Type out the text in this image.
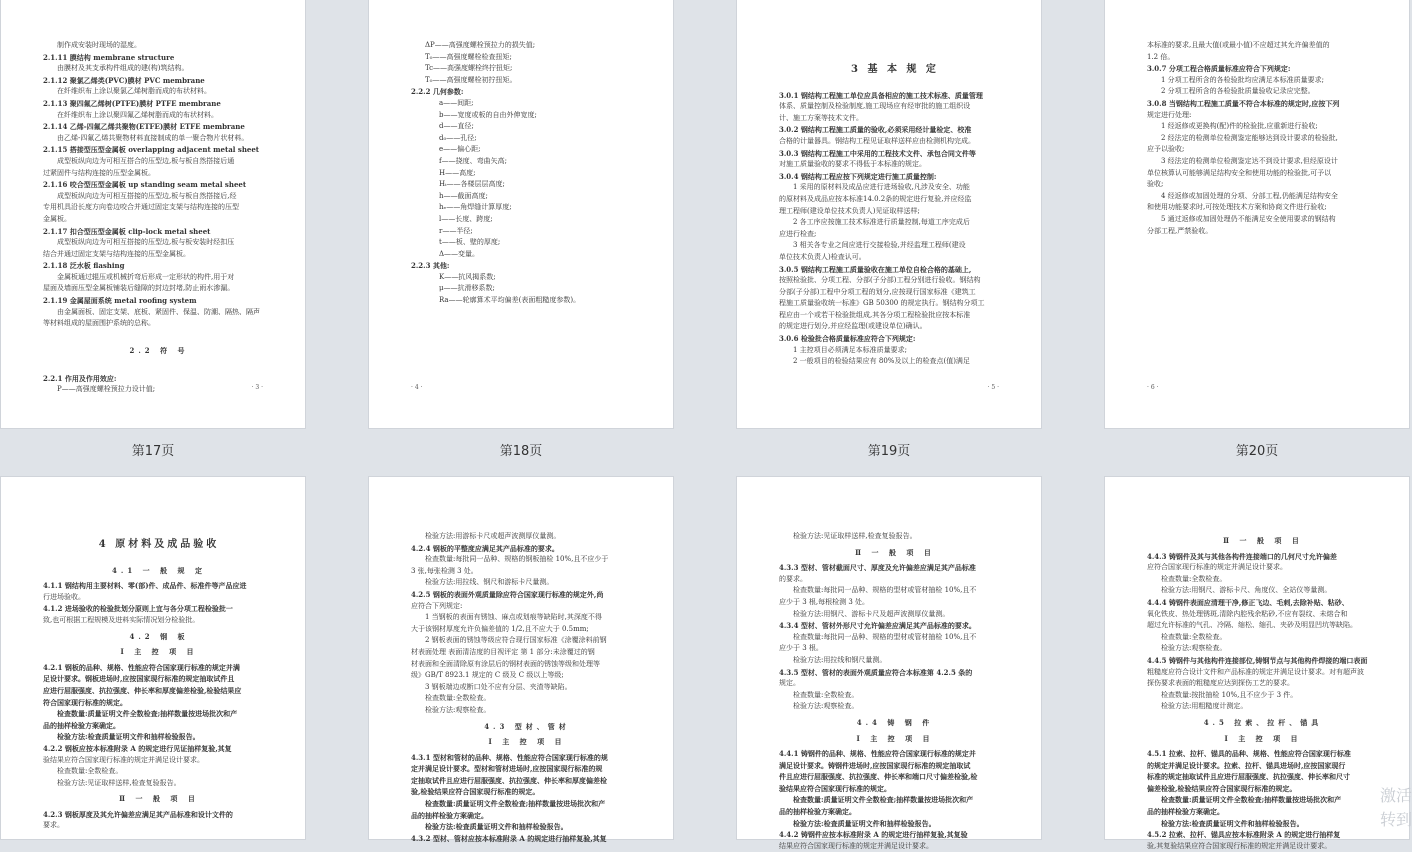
制作成安装时现场的湿度。
2.1.11 膜结构 membrane structure
由膜材及其支承构件组成的建(构)筑结构。
2.1.12 聚氯乙烯类(PVC)膜材 PVC membrane
在纤维织布上涂以聚氯乙烯树脂而成的布状材料。
2.1.13 聚四氟乙烯树(PTFE)膜材 PTFE membrane
在纤维织布上涂以聚四氟乙烯树脂而成的布状材料。
2.1.14 乙烯-四氟乙烯共聚物(ETFE)膜材 ETFE membrane
由乙烯-四氟乙烯共聚物材料直接制成的单一聚合物片状材料。
2.1.15 搭接型压型金属板 overlapping adjacent metal sheet
成型板纵向边为可相互搭合的压型边,板与板自然搭接后通
过紧固件与结构连接的压型金属板。
2.1.16 咬合型压型金属板 up standing seam metal sheet
成型板纵向边为可相互搭接的压型边,板与板自然搭接后,经
专用机具沿长度方向卷边咬合并通过固定支架与结构连接的压型
金属板。
2.1.17 扣合型压型金属板 clip-lock metal sheet
成型板纵向边为可相互搭接的压型边,板与板安装时经扣压
结合并通过固定支架与结构连接的压型金属板。
2.1.18 泛水板 flashing
金属板通过辊压或机械折弯后形成一定形状的构件,用于对
屋面及墙面压型金属板铺装后缝隙的封边封堵,防止雨水渗漏。
2.1.19 金属屋面系统 metal roofing system
由金属面板、固定支架、底板、紧固件、保温、防潮、隔热、隔声
等材料组成的屋面围护系统的总称。

2.2 符 号

2.2.1 作用及作用效应:
P——高强度螺栓预拉力设计值;	· 3 ·
ΔP——高强度螺栓预拉力的损失值;
T₀——高强度螺栓检查扭矩;
Tc——高强度螺栓终拧扭矩;
T₀——高强度螺栓初拧扭矩。
2.2.2 几何参数:
a——间距;
b——宽度或板的自由外伸宽度;
d——直径;
d₀——孔径;
e——偏心距;
f——挠度、弯曲矢高;
H——高度;
Hᵢ——各楼层层高度;
h——截面高度;
hₑ——角焊缝计算厚度;
l——长度、跨度;
r——半径;
t——板、壁的厚度;
Δ——变量。
2.2.3 其他:
K——抗风揭系数;
μ——抗滑移系数;
Ra——轮廓算术平均偏差(表面粗糙度参数)。
· 4 ·
3 基 本 规 定
3.0.1 钢结构工程施工单位应具备相应的施工技术标准、质量管理
体系、质量控制及检验制度,施工现场应有经审批的施工组织设
计、施工方案等技术文件。
3.0.2 钢结构工程施工质量的验收,必须采用经计量检定、校准
合格的计量器具。钢结构工程见证取样送样应由检测机构完成。
3.0.3 钢结构工程施工中采用的工程技术文件、承包合同文件等
对施工质量验收的要求不得低于本标准的规定。
3.0.4 钢结构工程应按下列规定进行施工质量控制:
1 采用的原材料及成品应进行进场验收,凡涉及安全、功能
的原材料及成品应按本标准14.0.2条的规定进行复验,并应经监
理工程师(建设单位技术负责人)见证取样送样;
2 各工序应按施工技术标准进行质量控制,每道工序完成后
应进行检查;
3 相关各专业之间应进行交接检验,并经监理工程师(建设
单位技术负责人)检查认可。
3.0.5 钢结构工程施工质量验收在施工单位自检合格的基础上,
按照检验批、分项工程、分部(子分部)工程分别进行验收。钢结构
分部(子分部)工程中分项工程的划分,应按现行国家标准《建筑工
程施工质量验收统一标准》GB 50300 的规定执行。钢结构分项工
程应由一个或若干检验批组成,其各分项工程检验批应按本标准
的规定进行划分,并应经监理(或建设单位)确认。
3.0.6 检验批合格质量标准应符合下列规定:
1 主控项目必须满足本标准质量要求;
2 一般项目的检验结果应有 80%及以上的检查点(值)满足
· 5 ·
本标准的要求,且最大值(或最小值)不应超过其允许偏差值的
1.2 倍。
3.0.7 分项工程合格质量标准应符合下列规定:
1 分项工程所含的各检验批均应满足本标准质量要求;
2 分项工程所含的各检验批质量验收记录应完整。
3.0.8 当钢结构工程施工质量不符合本标准的规定时,应按下列
规定进行处理:
1 经返修或更换构(配)件的检验批,应重新进行验收;
2 经法定的检测单位检测鉴定能够达到设计要求的检验批,
应予以验收;
3 经法定的检测单位检测鉴定达不到设计要求,但经原设计
单位核算认可能够满足结构安全和使用功能的检验批,可予以
验收;
4 经返修或加固处理的分项、分部工程,仍能满足结构安全
和使用功能要求时,可按处理技术方案和协商文件进行验收;
5 通过返修或加固处理仍不能满足安全使用要求的钢结构
分部工程,严禁验收。
· 6 ·
第17页	第18页	第19页	第20页
4 原材料及成品验收
4.1 一 般 规 定
4.1.1 钢结构用主要材料、零(部)件、成品件、标准件等产品应进
行进场验收。
4.1.2 进场验收的检验批划分原则上宜与各分项工程检验批一
致,也可根据工程规模及进料实际情况划分检验批。
4.2 钢 板
Ⅰ 主 控 项 目
4.2.1 钢板的品种、规格、性能应符合国家现行标准的规定并满
足设计要求。钢板进场时,应按国家现行标准的规定抽取试件且
应进行屈服强度、抗拉强度、伸长率和厚度偏差检验,检验结果应
符合国家现行标准的规定。
检查数量:质量证明文件全数检查;抽样数量按进场批次和产
品的抽样检验方案确定。
检验方法:检查质量证明文件和抽样检验报告。
4.2.2 钢板应按本标准附录 A 的规定进行见证抽样复验,其复
验结果应符合国家现行标准的规定并满足设计要求。
检查数量:全数检查。
检验方法:见证取样送样,检查复验报告。
Ⅱ 一 般 项 目
4.2.3 钢板厚度及其允许偏差应满足其产品标准和设计文件的
要求。
检验方法:用游标卡尺或超声波测厚仪量测。
4.2.4 钢板的平整度应满足其产品标准的要求。
检查数量:每批同一品种、规格的钢板抽检 10%,且不应少于
3 张,每张检测 3 处。
检验方法:用拉线、钢尺和游标卡尺量测。
4.2.5 钢板的表面外观质量除应符合国家现行标准的规定外,尚
应符合下列规定:
1 当钢板的表面有锈蚀、麻点或划痕等缺陷时,其深度不得
大于该钢材厚度允许负偏差值的 1/2,且不应大于 0.5mm;
2 钢板表面的锈蚀等级应符合现行国家标准《涂覆涂料前钢
材表面处理 表面清洁度的目视评定 第 1 部分:未涂覆过的钢
材表面和全面清除原有涂层后的钢材表面的锈蚀等级和处理等
级》GB/T 8923.1 规定的 C 级及 C 级以上等级;
3 钢板端边或断口处不应有分层、夹渣等缺陷。
检查数量:全数检查。
检验方法:观察检查。
4.3 型材、管材
Ⅰ 主 控 项 目
4.3.1 型材和管材的品种、规格、性能应符合国家现行标准的规
定并满足设计要求。型材和管材进场时,应按国家现行标准的规
定抽取试件且应进行屈服强度、抗拉强度、伸长率和厚度偏差检
验,检验结果应符合国家现行标准的规定。
检查数量:质量证明文件全数检查;抽样数量按进场批次和产
品的抽样检验方案确定。
检验方法:检查质量证明文件和抽样检验报告。
4.3.2 型材、管材应按本标准附录 A 的规定进行抽样复验,其复
检验方法:见证取样送样,检查复验报告。
Ⅱ 一 般 项 目
4.3.3 型材、管材截面尺寸、厚度及允许偏差应满足其产品标准
的要求。
检查数量:每批同一品种、规格的型材或管材抽检 10%,且不
应少于 3 根,每根检测 3 处。
检验方法:用钢尺、游标卡尺及超声波测厚仪量测。
4.3.4 型材、管材外形尺寸允许偏差应满足其产品标准的要求。
检查数量:每批同一品种、规格的型材或管材抽检 10%,且不
应少于 3 根。
检验方法:用拉线和钢尺量测。
4.3.5 型材、管材的表面外观质量应符合本标准第 4.2.5 条的
规定。
检查数量:全数检查。
检验方法:观察检查。
4.4 铸 钢 件
Ⅰ 主 控 项 目
4.4.1 铸钢件的品种、规格、性能应符合国家现行标准的规定并
满足设计要求。铸钢件进场时,应按国家现行标准的规定抽取试
件且应进行屈服强度、抗拉强度、伸长率和端口尺寸偏差检验,检
验结果应符合国家现行标准的规定。
检查数量:质量证明文件全数检查;抽样数量按进场批次和产
品的抽样检验方案确定。
检验方法:检查质量证明文件和抽样检验报告。
4.4.2 铸钢件应按本标准附录 A 的规定进行抽样复验,其复验
结果应符合国家现行标准的规定并满足设计要求。
Ⅱ 一 般 项 目
4.4.3 铸钢件及其与其他各构件连接端口的几何尺寸允许偏差
应符合国家现行标准的规定并满足设计要求。
检查数量:全数检查。
检验方法:用钢尺、游标卡尺、角度仪、全站仪等量测。
4.4.4 铸钢件表面应清理干净,修正飞边、毛刺,去除补贴、粘砂、
氧化铁皮、热处理锈斑,清除内腔残余粘砂,不应有裂纹、未熔合和
超过允许标准的气孔、冷隔、缩松、缩孔、夹砂及明显凹坑等缺陷。
检查数量:全数检查。
检验方法:观察检查。
4.4.5 铸钢件与其他构件连接部位,铸钢节点与其他构件焊接的端口表面
粗糙度应符合设计文件和产品标准的规定并满足设计要求。对有超声波
探伤要求表面的粗糙度应达到探伤工艺的要求。
检查数量:按批抽检 10%,且不应少于 3 件。
检验方法:用粗糙度计测定。
4.5 拉索、拉杆、锚具
Ⅰ 主 控 项 目
4.5.1 拉索、拉杆、锚具的品种、规格、性能应符合国家现行标准
的规定并满足设计要求。拉索、拉杆、锚具进场时,应按国家现行
标准的规定抽取试件且应进行屈服强度、抗拉强度、伸长率和尺寸
偏差检验,检验结果应符合国家现行标准的规定。
检查数量:质量证明文件全数检查;抽样数量按进场批次和产
品的抽样检验方案确定。
检验方法:检查质量证明文件和抽样检验报告。
4.5.2 拉索、拉杆、锚具应按本标准附录 A 的规定进行抽样复
验,其复验结果应符合国家现行标准的规定并满足设计要求。
激活
转到
